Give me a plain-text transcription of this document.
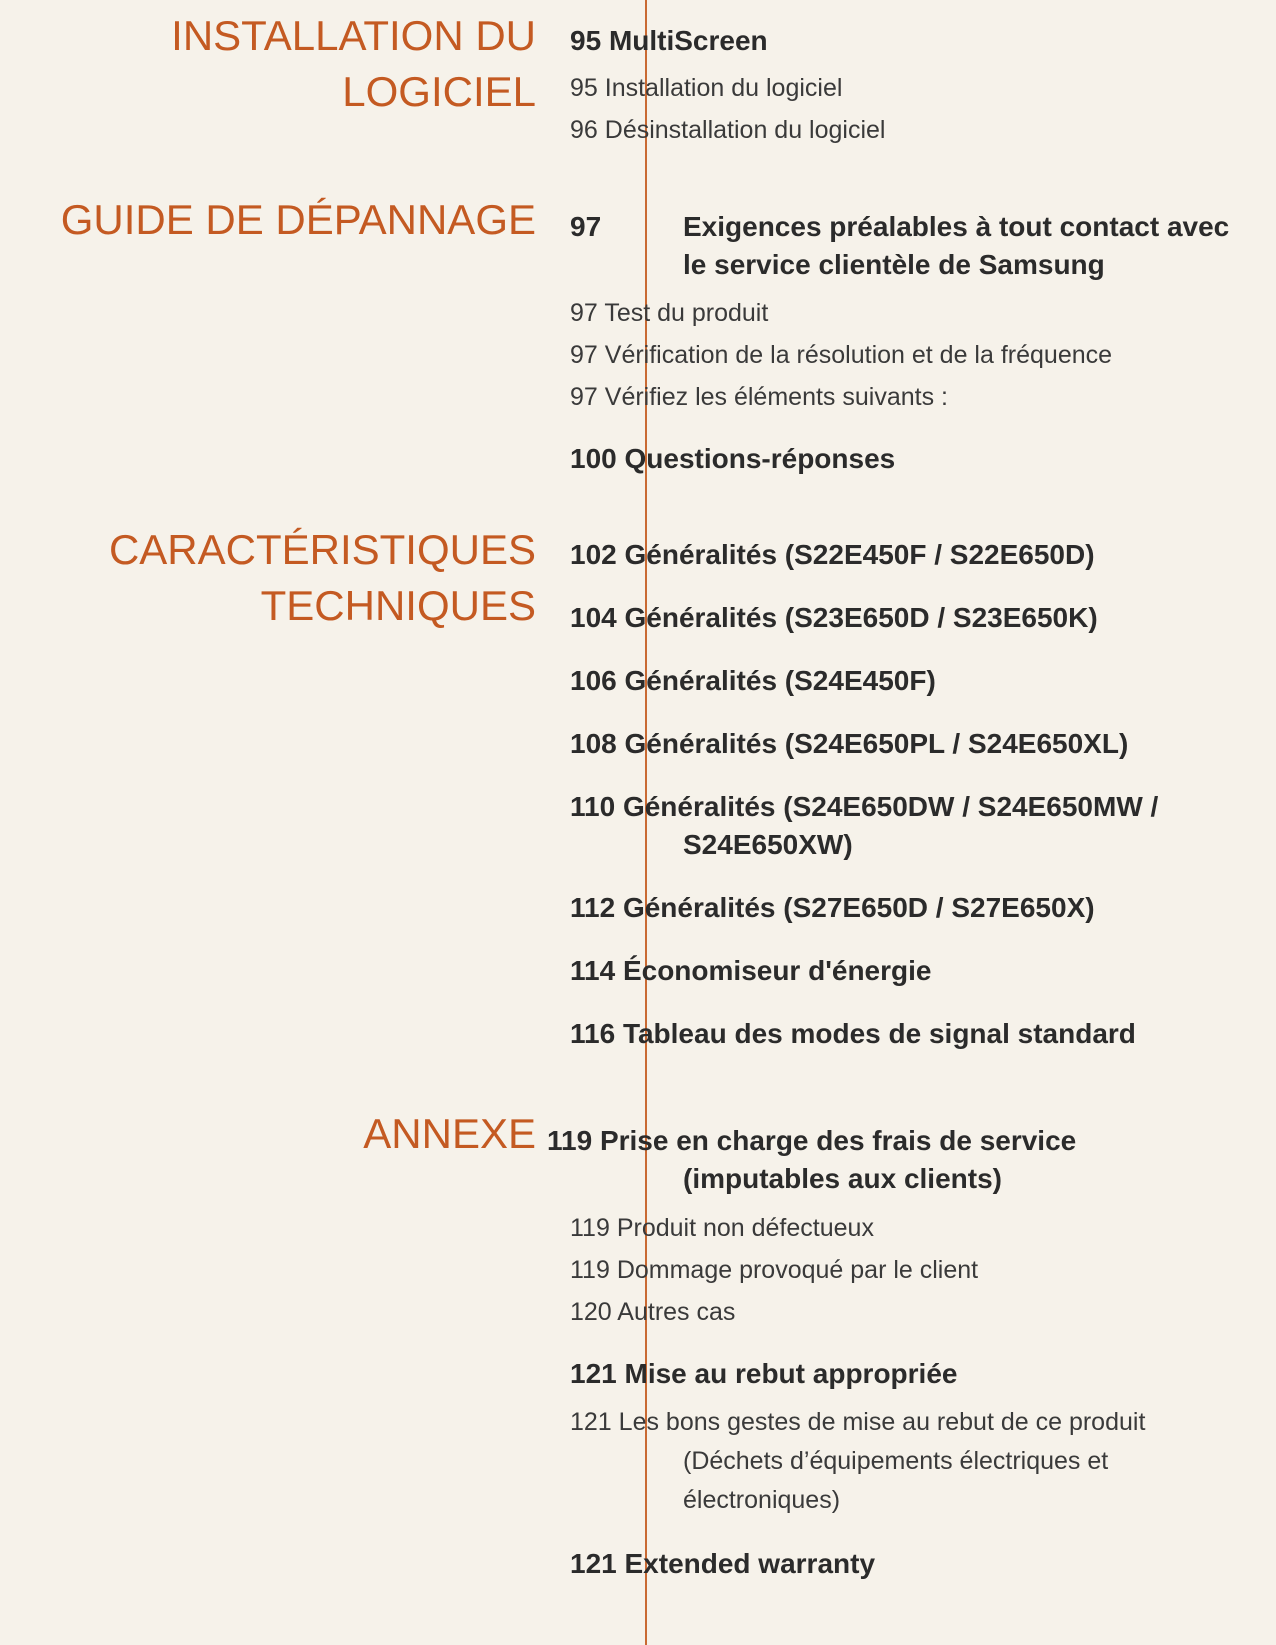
INSTALLATION DU
LOGICIEL

95 MultiScreen

95 Installation du logiciel

96 Désinstallation du logiciel

GUIDE DE DÉPANNAGE 97	Exigences préalables à tout contact avec
le service clientèle de Samsung

97 Test du produit

97 Vérification de la résolution et de la fréquence

97 Vérifiez les éléments suivants :

100 Questions-réponses

CARACTÉRISTIQUES
TECHNIQUES

102 Généralités (S22E450F / S22E650D)

104 Généralités (S23E650D / S23E650K)

106 Généralités (S24E450F)

108 Généralités (S24E650PL / S24E650XL)

110 Généralités (S24E650DW / S24E650MW /
S24E650XW)

112 Généralités (S27E650D / S27E650X)

114 Économiseur d'énergie

116 Tableau des modes de signal standard

ANNEXE 119 Prise en charge des frais de service
(imputables aux clients)

119 Produit non défectueux

119 Dommage provoqué par le client

120 Autres cas

121 Mise au rebut appropriée

121 Les bons gestes de mise au rebut de ce produit
(Déchets d’équipements électriques et
électroniques)

121 Extended warranty
